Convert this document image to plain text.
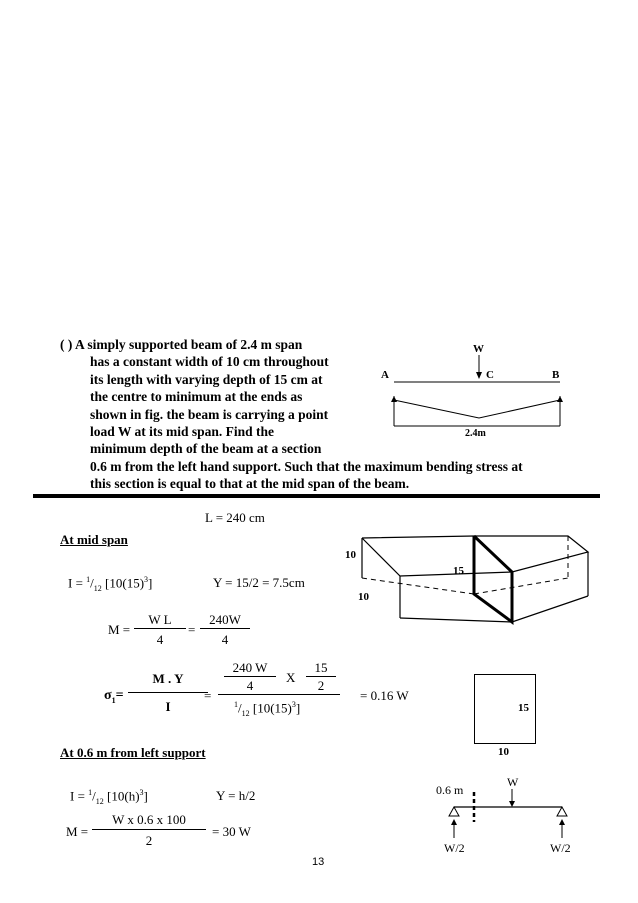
( ) A simply supported beam of 2.4 m span
has a constant width of 10 cm throughout
its length with varying depth of 15 cm at
the centre to minimum at the ends as
shown in fig. the beam is carrying a point
load W at its mid span. Find the
minimum depth of the beam at a section
0.6 m from the left hand support. Such that the maximum bending stress at
this section is equal to that at the mid span of the beam.
W
A	C	B
2.4m
L = 240 cm
At mid span
$I = ^1/_{12}$ $[10(15)^3]$	Y = 15/2 = 7.5cm
M =
W L
4
=
240W
4
$\sigma_1=$
M . Y
I
=
240 W
4
X
15
2
$^1/_{12}$ $[10(15)^3]$
= 0.16 W
At 0.6 m from left support
$I = ^1/_{12}$ $[10(h)^3]$	Y = h/2
M =
W x 0.6 x 100
2
= 30 W
10
15
10
15
10
0.6 m
W
W/2	W/2
13
